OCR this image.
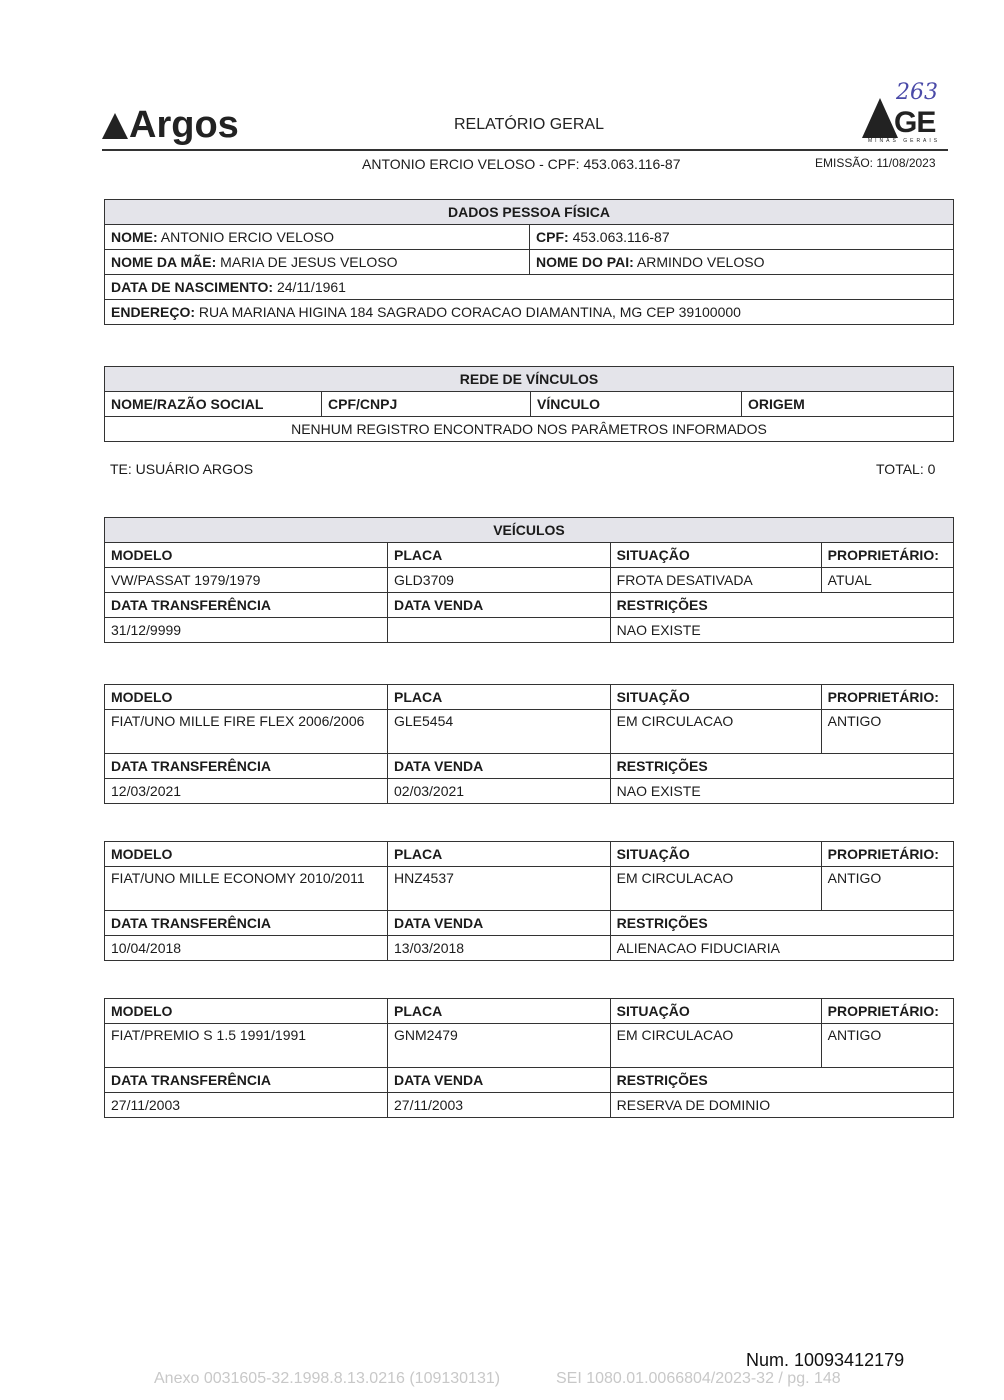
Argos	RELATÓRIO GERAL
263
GE
MINAS GERAIS
ANTONIO ERCIO VELOSO - CPF: 453.063.116-87	EMISSÃO: 11/08/2023
DADOS PESSOA FÍSICA	
NOME: ANTONIO ERCIO VELOSO	CPF: 453.063.116-87
NOME DA MÃE: MARIA DE JESUS VELOSO	NOME DO PAI: ARMINDO VELOSO
DATA DE NASCIMENTO: 24/11/1961	
ENDEREÇO: RUA MARIANA HIGINA 184 SAGRADO CORACAO DIAMANTINA, MG CEP 39100000	
REDE DE VÍNCULOS
NOME/RAZÃO SOCIAL	CPF/CNPJ	VÍNCULO	ORIGEM
NENHUM REGISTRO ENCONTRADO NOS PARÂMETROS INFORMADOS
TE: USUÁRIO ARGOS	TOTAL: 0
VEÍCULOS			
MODELO	PLACA	SITUAÇÃO	PROPRIETÁRIO:
VW/PASSAT 1979/1979	GLD3709	FROTA DESATIVADA	ATUAL
DATA TRANSFERÊNCIA	DATA VENDA	RESTRIÇÕES	
31/12/9999		NAO EXISTE	
MODELO	PLACA	SITUAÇÃO	PROPRIETÁRIO:
FIAT/UNO MILLE FIRE FLEX 2006/2006	GLE5454	EM CIRCULACAO	ANTIGO
DATA TRANSFERÊNCIA	DATA VENDA	RESTRIÇÕES	
12/03/2021	02/03/2021	NAO EXISTE	
MODELO	PLACA	SITUAÇÃO	PROPRIETÁRIO:
FIAT/UNO MILLE ECONOMY 2010/2011	HNZ4537	EM CIRCULACAO	ANTIGO
DATA TRANSFERÊNCIA	DATA VENDA	RESTRIÇÕES	
10/04/2018	13/03/2018	ALIENACAO FIDUCIARIA	
MODELO	PLACA	SITUAÇÃO	PROPRIETÁRIO:
FIAT/PREMIO S 1.5 1991/1991	GNM2479	EM CIRCULACAO	ANTIGO
DATA TRANSFERÊNCIA	DATA VENDA	RESTRIÇÕES	
27/11/2003	27/11/2003	RESERVA DE DOMINIO	
Num. 10093412179
Anexo 0031605-32.1998.8.13.0216 (109130131)	SEI 1080.01.0066804/2023-32 / pg. 148
